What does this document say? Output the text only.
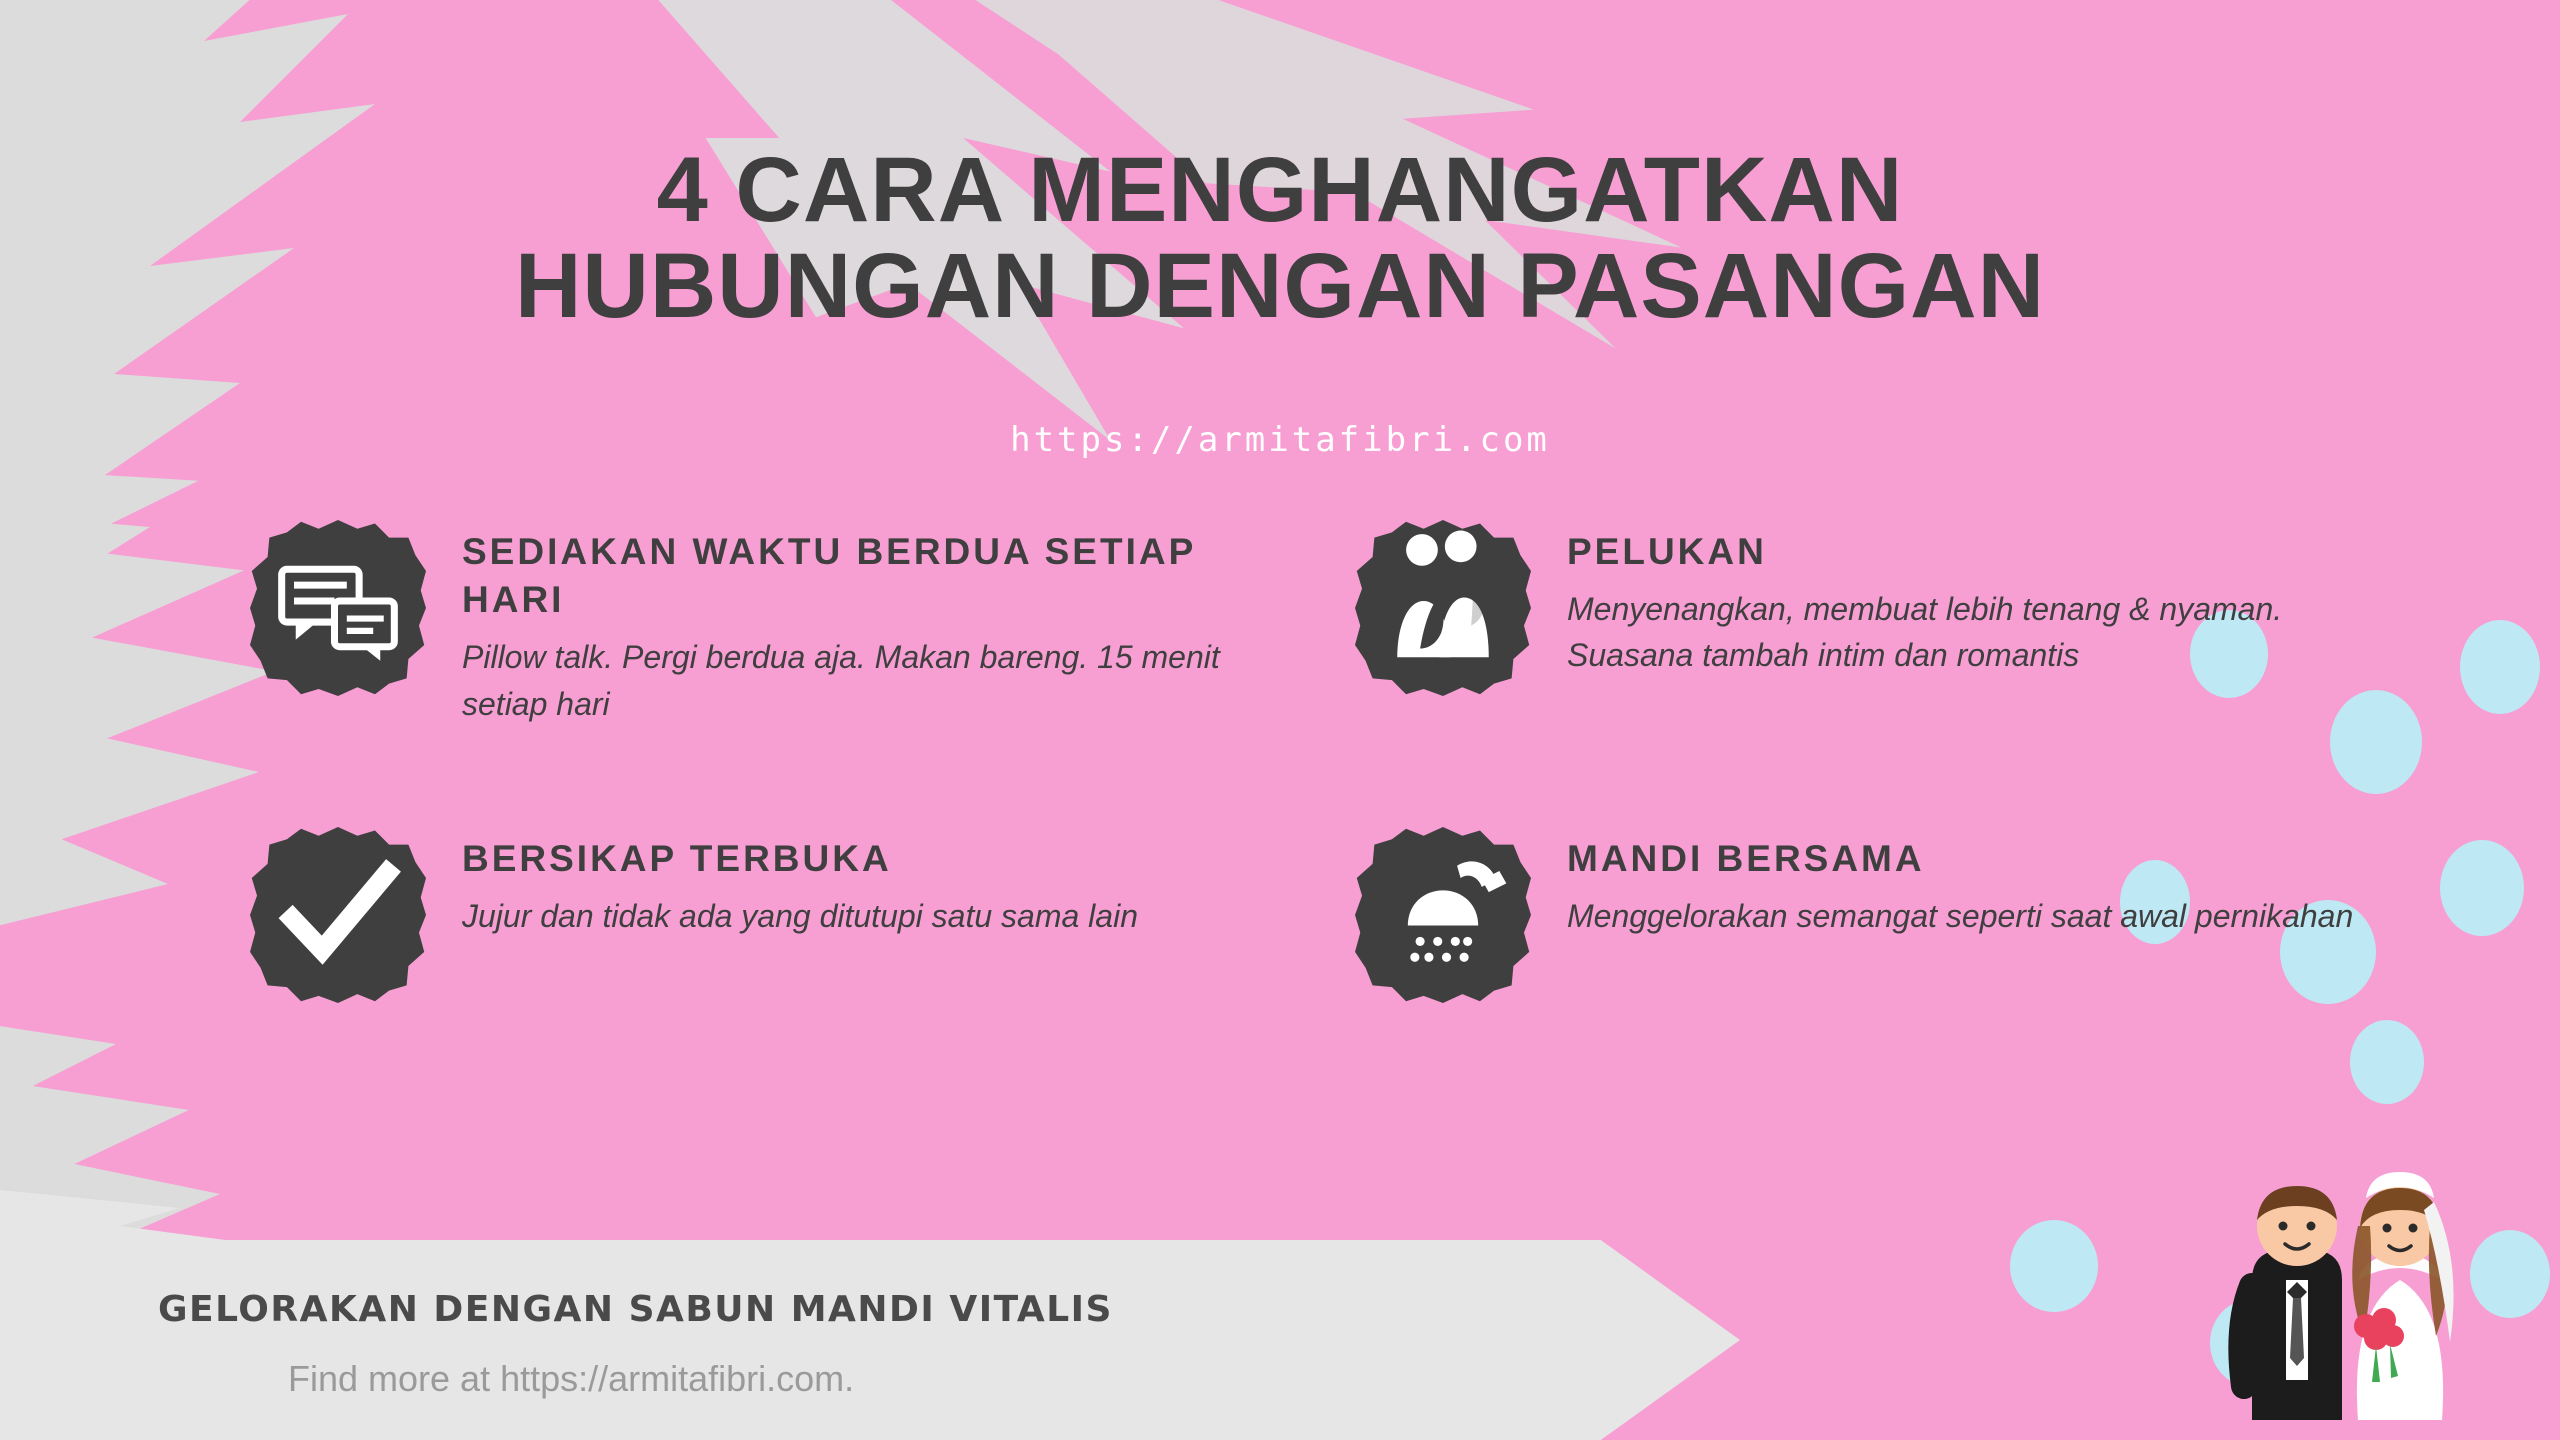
4 CARA MENGHANGATKAN
HUBUNGAN DENGAN PASANGAN
https://armitafibri.com
SEDIAKAN WAKTU BERDUA SETIAP HARI

Pillow talk. Pergi berdua aja. Makan bareng. 15 menit setiap hari

PELUKAN

Menyenangkan, membuat lebih tenang & nyaman. Suasana tambah intim dan romantis

BERSIKAP TERBUKA

Jujur dan tidak ada yang ditutupi satu sama lain

MANDI BERSAMA

Menggelorakan semangat seperti saat awal pernikahan

GELORAKAN DENGAN SABUN MANDI VITALIS
Find more at https://armitafibri.com.
